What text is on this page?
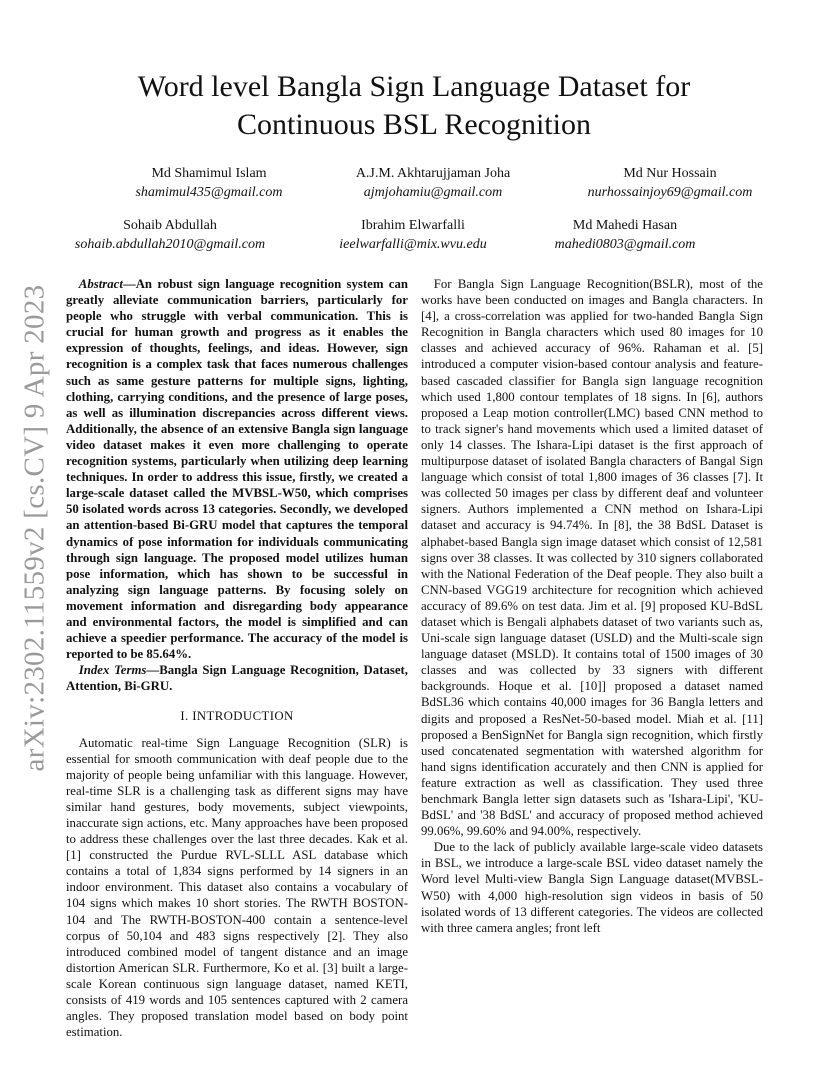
arXiv:2302.11559v2 [cs.CV] 9 Apr 2023
Word level Bangla Sign Language Dataset for
Continuous BSL Recognition
Md Shamimul Islam
shamimul435@gmail.com
A.J.M. Akhtarujjaman Joha
ajmjohamiu@gmail.com
Md Nur Hossain
nurhossainjoy69@gmail.com
Sohaib Abdullah
sohaib.abdullah2010@gmail.com
Ibrahim Elwarfalli
ieelwarfalli@mix.wvu.edu
Md Mahedi Hasan
mahedi0803@gmail.com

Abstract—An robust sign language recognition system can greatly alleviate communication barriers, particularly for people who struggle with verbal communication. This is crucial for human growth and progress as it enables the expression of thoughts, feelings, and ideas. However, sign recognition is a complex task that faces numerous challenges such as same gesture patterns for multiple signs, lighting, clothing, carrying conditions, and the presence of large poses, as well as illumination discrepancies across different views. Additionally, the absence of an extensive Bangla sign language video dataset makes it even more challenging to operate recognition systems, particularly when utilizing deep learning techniques. In order to address this issue, firstly, we created a large-scale dataset called the MVBSL-W50, which comprises 50 isolated words across 13 categories. Secondly, we developed an attention-based Bi-GRU model that captures the temporal dynamics of pose information for individuals communicating through sign language. The proposed model utilizes human pose information, which has shown to be successful in analyzing sign language patterns. By focusing solely on movement information and disregarding body appearance and environmental factors, the model is simplified and can achieve a speedier performance. The accuracy of the model is reported to be 85.64%.

Index Terms—Bangla Sign Language Recognition, Dataset, Attention, Bi-GRU.

I. INTRODUCTION

Automatic real-time Sign Language Recognition (SLR) is essential for smooth communication with deaf people due to the majority of people being unfamiliar with this language. However, real-time SLR is a challenging task as different signs may have similar hand gestures, body movements, subject viewpoints, inaccurate sign actions, etc. Many approaches have been proposed to address these challenges over the last three decades. Kak et al. [1] constructed the Purdue RVL-SLLL ASL database which contains a total of 1,834 signs performed by 14 signers in an indoor environment. This dataset also contains a vocabulary of 104 signs which makes 10 short stories. The RWTH BOSTON-104 and The RWTH-BOSTON-400 contain a sentence-level corpus of 50,104 and 483 signs respectively [2]. They also introduced combined model of tangent distance and an image distortion American SLR. Furthermore, Ko et al. [3] built a large-scale Korean continuous sign language dataset, named KETI, consists of 419 words and 105 sentences captured with 2 camera angles. They proposed translation model based on body point estimation.

For Bangla Sign Language Recognition(BSLR), most of the works have been conducted on images and Bangla characters. In [4], a cross-correlation was applied for two-handed Bangla Sign Recognition in Bangla characters which used 80 images for 10 classes and achieved accuracy of 96%. Rahaman et al. [5] introduced a computer vision-based contour analysis and feature-based cascaded classifier for Bangla sign language recognition which used 1,800 contour templates of 18 signs. In [6], authors proposed a Leap motion controller(LMC) based CNN method to to track signer's hand movements which used a limited dataset of only 14 classes. The Ishara-Lipi dataset is the first approach of multipurpose dataset of isolated Bangla characters of Bangal Sign language which consist of total 1,800 images of 36 classes [7]. It was collected 50 images per class by different deaf and volunteer signers. Authors implemented a CNN method on Ishara-Lipi dataset and accuracy is 94.74%. In [8], the 38 BdSL Dataset is alphabet-based Bangla sign image dataset which consist of 12,581 signs over 38 classes. It was collected by 310 signers collaborated with the National Federation of the Deaf people. They also built a CNN-based VGG19 architecture for recognition which achieved accuracy of 89.6% on test data. Jim et al. [9] proposed KU-BdSL dataset which is Bengali alphabets dataset of two variants such as, Uni-scale sign language dataset (USLD) and the Multi-scale sign language dataset (MSLD). It contains total of 1500 images of 30 classes and was collected by 33 signers with different backgrounds. Hoque et al. [10]] proposed a dataset named BdSL36 which contains 40,000 images for 36 Bangla letters and digits and proposed a ResNet-50-based model. Miah et al. [11] proposed a BenSignNet for Bangla sign recognition, which firstly used concatenated segmentation with watershed algorithm for hand signs identification accurately and then CNN is applied for feature extraction as well as classification. They used three benchmark Bangla letter sign datasets such as 'Ishara-Lipi', 'KU-BdSL' and '38 BdSL' and accuracy of proposed method achieved 99.06%, 99.60% and 94.00%, respectively.

Due to the lack of publicly available large-scale video datasets in BSL, we introduce a large-scale BSL video dataset namely the Word level Multi-view Bangla Sign Language dataset(MVBSL-W50) with 4,000 high-resolution sign videos in basis of 50 isolated words of 13 different categories. The videos are collected with three camera angles; front left
